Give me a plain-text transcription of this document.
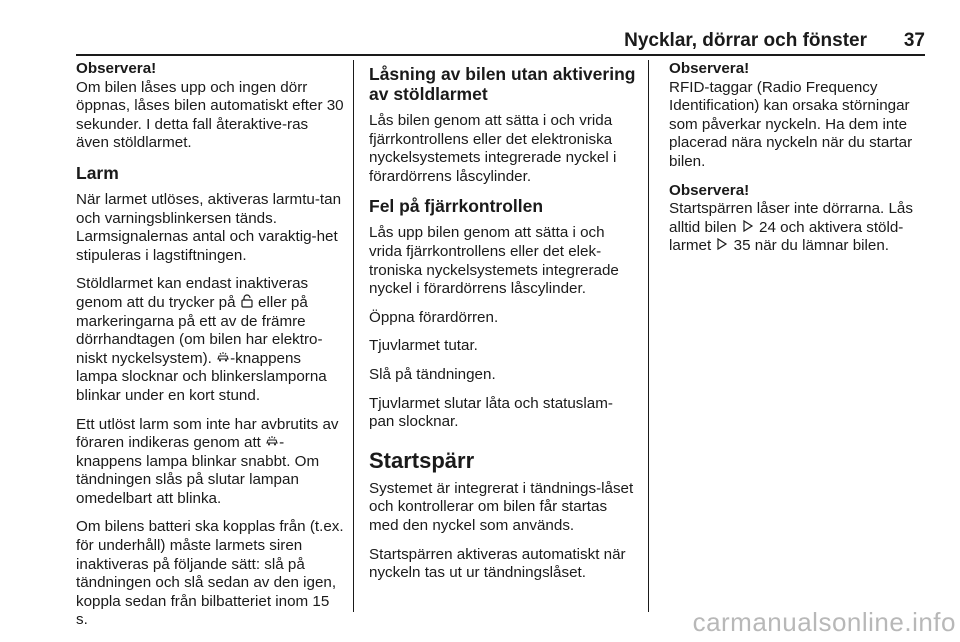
Nycklar, dörrar och fönster 37
Observera!
Om bilen låses upp och ingen dörr öppnas, låses bilen automatiskt efter 30 sekunder. I detta fall återaktive-ras även stöldlarmet.
Larm

När larmet utlöses, aktiveras larmtu-tan och varningsblinkersen tänds. Larmsignalernas antal och varaktig-het stipuleras i lagstiftningen.

Stöldlarmet kan endast inaktiveras genom att du trycker på  eller på markeringarna på ett av de främre dörrhandtagen (om bilen har elektro-niskt nyckelsystem). -knappens lampa slocknar och blinkerslamporna blinkar under en kort stund.

Ett utlöst larm som inte har avbrutits av föraren indikeras genom att -knappens lampa blinkar snabbt. Om tändningen slås på slutar lampan omedelbart att blinka.

Om bilens batteri ska kopplas från (t.ex. för underhåll) måste larmets siren inaktiveras på följande sätt: slå på tändningen och slå sedan av den igen, koppla sedan från bilbatteriet inom 15 s.

Låsning av bilen utan aktivering av stöldlarmet

Lås bilen genom att sätta i och vrida fjärrkontrollens eller det elektroniska nyckelsystemets integrerade nyckel i förardörrens låscylinder.

Fel på fjärrkontrollen

Lås upp bilen genom att sätta i och vrida fjärrkontrollens eller det elek-troniska nyckelsystemets integrerade nyckel i förardörrens låscylinder.

Öppna förardörren.

Tjuvlarmet tutar.

Slå på tändningen.

Tjuvlarmet slutar låta och statuslam-pan slocknar.

Startspärr

Systemet är integrerat i tändnings-låset och kontrollerar om bilen får startas med den nyckel som används.

Startspärren aktiveras automatiskt när nyckeln tas ut ur tändningslåset.

Observera!
RFID-taggar (Radio Frequency Identification) kan orsaka störningar som påverkar nyckeln. Ha dem inte placerad nära nyckeln när du startar bilen.
Observera!
Startspärren låser inte dörrarna. Lås alltid bilen  24 och aktivera stöld-larmet  35 när du lämnar bilen.
carmanualsonline.info
